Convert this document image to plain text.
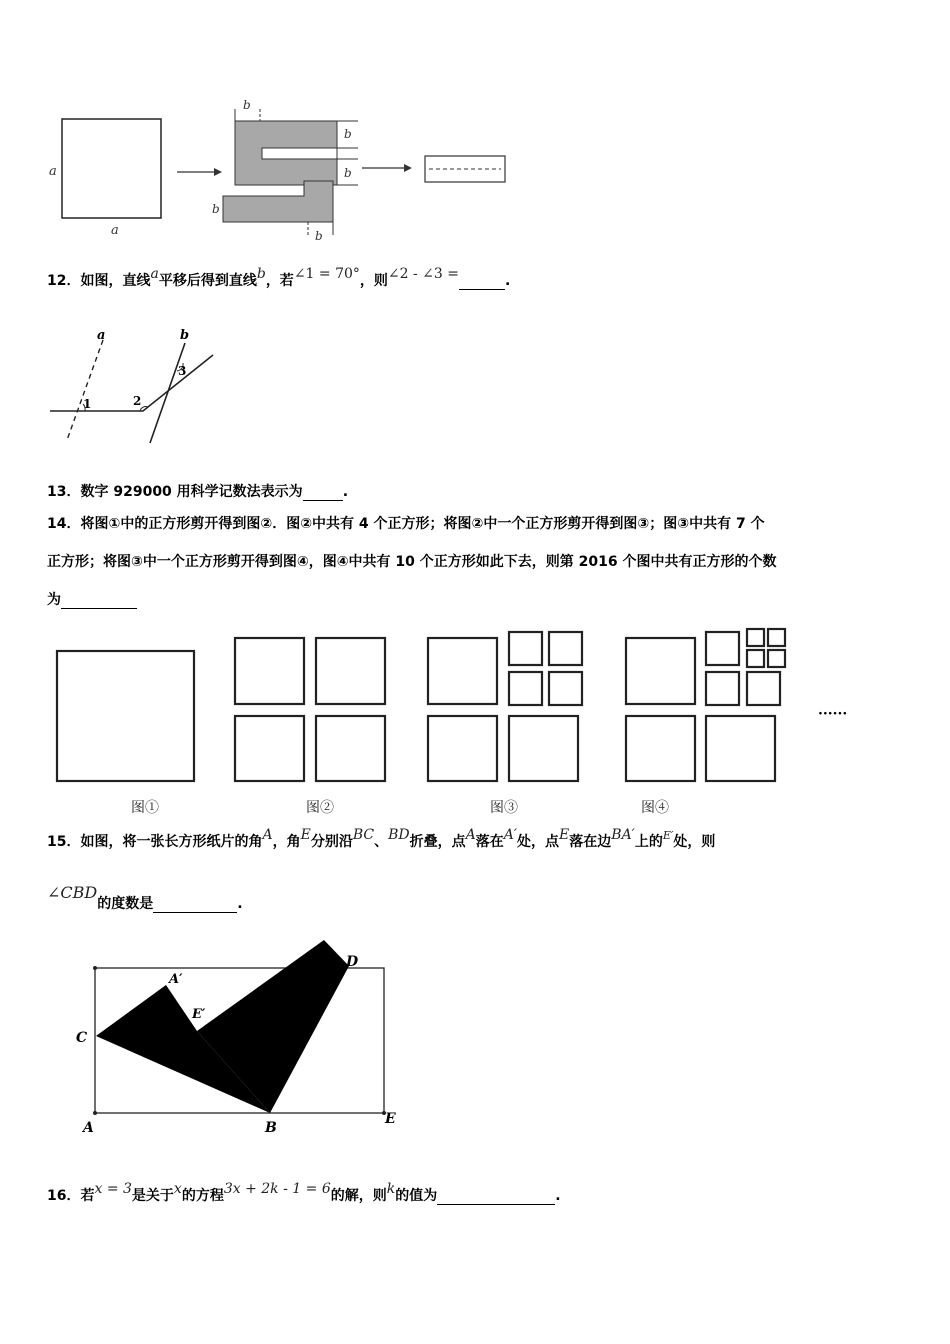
a
a
b
b
b
b
b
12．如图，直线a平移后得到直线b，若∠1 = 70°，则∠2 - ∠3 =	.
a	b
1	2
3
13．数字 929000 用科学记数法表示为	.
14．将图①中的正方形剪开得到图②．图②中共有 4 个正方形；将图②中一个正方形剪开得到图③；图③中共有 7 个
正方形；将图③中一个正方形剪开得到图④，图④中共有 10 个正方形如此下去，则第 2016 个图中共有正方形的个数
为
······
图①	图②	图③	图④
15．如图，将一张长方形纸片的角A，角E分别沿BC、BD折叠，点A落在A′处，点E落在边BA′上的$^{E'}$处，则
∠CBD的度数是	.
A	B
C
D
E
A′
E′
16．若x = 3是关于x的方程3x + 2k - 1 = 6的解，则k的值为	.
